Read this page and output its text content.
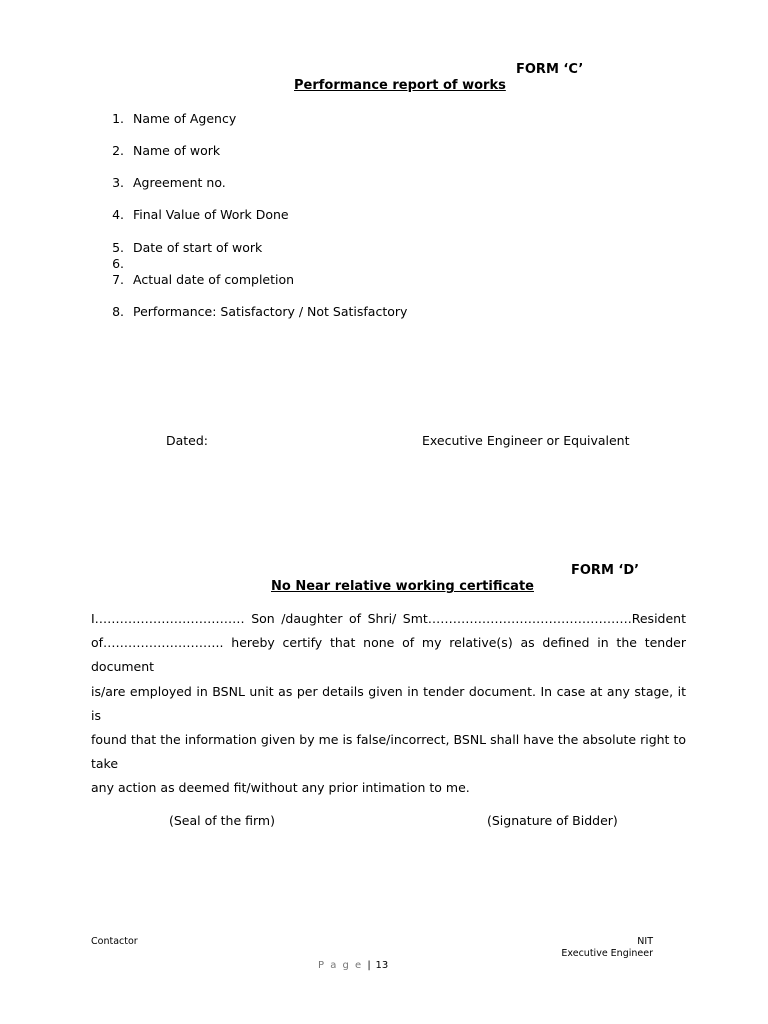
FORM ‘C’
Performance report of works
1. Name of Agency
2. Name of work
3. Agreement no.
4. Final Value of Work Done
5. Date of start of work
6.
7. Actual date of completion
8. Performance: Satisfactory / Not Satisfactory
Dated:	Executive Engineer or Equivalent
FORM ‘D’
No Near relative working certificate
I……………………………… Son /daughter of Shri/ Smt………………………………………….Resident
of……………………….. hereby certify that none of my relative(s) as defined in the tender document
is/are employed in BSNL unit as per details given in tender document. In case at any stage, it is
found that the information given by me is false/incorrect, BSNL shall have the absolute right to take
any action as deemed fit/without any prior intimation to me.
(Seal of the firm)	(Signature of Bidder)
Contactor	NIT
Executive Engineer
P a g e | 13
